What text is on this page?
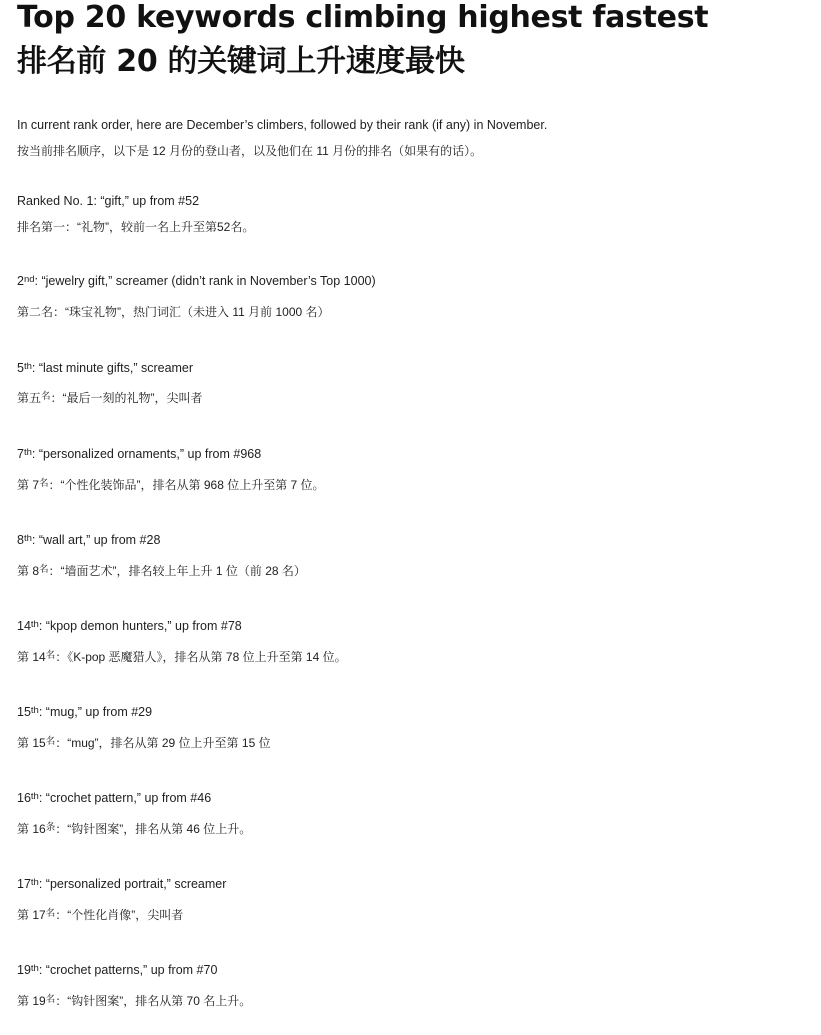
Top 20 keywords climbing highest fastest
排名前 20 的关键词上升速度最快
In current rank order, here are December’s climbers, followed by their rank (if any) in November.
按当前排名顺序，以下是 12 月份的登山者，以及他们在 11 月份的排名（如果有的话）。
Ranked No. 1: “gift,” up from #52
排名第一：“礼物”，较前一名上升至第52名。
2nd: “jewelry gift,” screamer (didn’t rank in November’s Top 1000)
第二名：“珠宝礼物”，热门词汇（未进入 11 月前 1000 名）
5th: “last minute gifts,” screamer
第五$^名$：“最后一刻的礼物”，尖叫者
7th: “personalized ornaments,” up from #968
第 $7^名$：“个性化装饰品”，排名从第 968 位上升至第 7 位。
8th: “wall art,” up from #28
第 $8^名$：“墙面艺术”，排名较上年上升 1 位（前 28 名）
14th: “kpop demon hunters,” up from #78
第 $14^名$：《K-pop 恶魔猎人》，排名从第 78 位上升至第 14 位。
15th: “mug,” up from #29
第 $15^名$：“mug”，排名从第 29 位上升至第 15 位
16th: “crochet pattern,” up from #46
第 $16^条$：“钩针图案”，排名从第 46 位上升。
17th: “personalized portrait,” screamer
第 $17^名$：“个性化肖像”，尖叫者
19th: “crochet patterns,” up from #70
第 $19^名$：“钩针图案”，排名从第 70 名上升。
